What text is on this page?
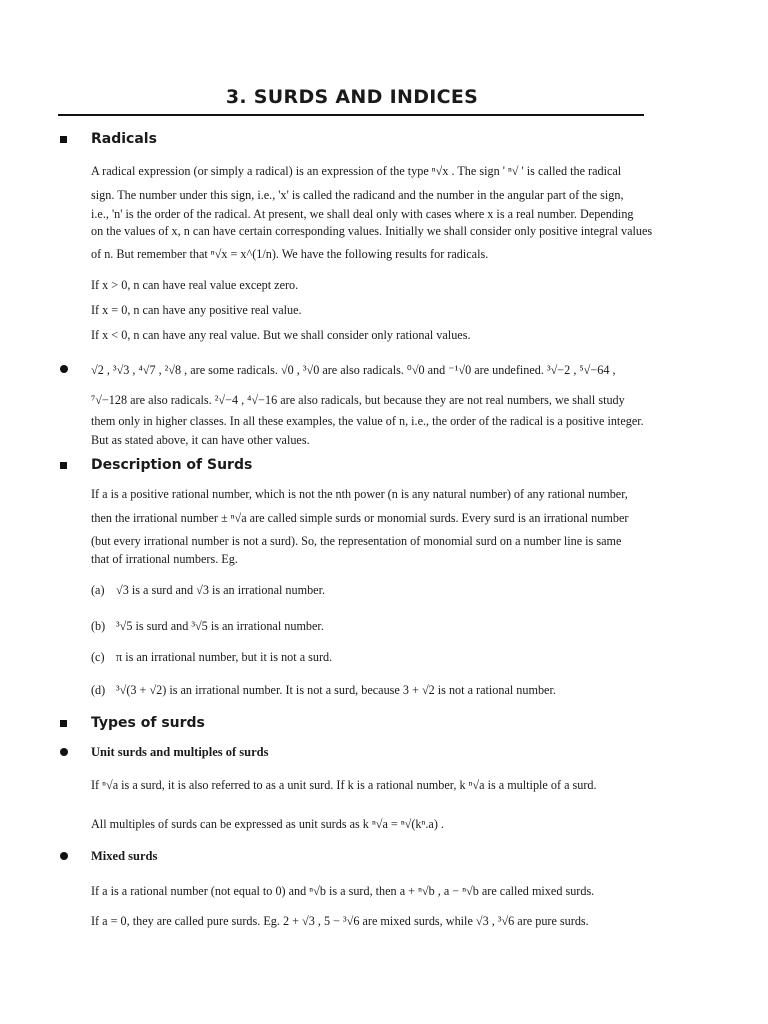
3. SURDS AND INDICES
Radicals
A radical expression (or simply a radical) is an expression of the type ⁿ√x . The sign ' ⁿ√ ' is called the radical
sign. The number under this sign, i.e., 'x' is called the radicand and the number in the angular part of the sign,
i.e., 'n' is the order of the radical. At present, we shall deal only with cases where x is a real number. Depending
on the values of x, n can have certain corresponding values. Initially we shall consider only positive integral values
of n. But remember that ⁿ√x = x^(1/n). We have the following results for radicals.
If x > 0, n can have real value except zero.
If x = 0, n can have any positive real value.
If x < 0, n can have any real value. But we shall consider only rational values.
√2 , ³√3 , ⁴√7 , ²√8 , are some radicals. √0 , ³√0 are also radicals. ⁰√0 and ⁻¹√0 are undefined. ³√−2 , ⁵√−64 ,
⁷√−128 are also radicals. ²√−4 , ⁴√−16 are also radicals, but because they are not real numbers, we shall study
them only in higher classes. In all these examples, the value of n, i.e., the order of the radical is a positive integer.
But as stated above, it can have other values.
Description of Surds
If a is a positive rational number, which is not the nth power (n is any natural number) of any rational number,
then the irrational number ± ⁿ√a are called simple surds or monomial surds. Every surd is an irrational number
(but every irrational number is not a surd). So, the representation of monomial surd on a number line is same
that of irrational numbers. Eg.
(a) √3 is a surd and √3 is an irrational number.
(b) ³√5 is surd and ³√5 is an irrational number.
(c) π is an irrational number, but it is not a surd.
(d) ³√(3 + √2) is an irrational number. It is not a surd, because 3 + √2 is not a rational number.
Types of surds
Unit surds and multiples of surds
If ⁿ√a is a surd, it is also referred to as a unit surd. If k is a rational number, k ⁿ√a is a multiple of a surd.
All multiples of surds can be expressed as unit surds as k ⁿ√a = ⁿ√(kⁿ.a) .
Mixed surds
If a is a rational number (not equal to 0) and ⁿ√b is a surd, then a + ⁿ√b , a − ⁿ√b are called mixed surds.
If a = 0, they are called pure surds. Eg. 2 + √3 , 5 − ³√6 are mixed surds, while √3 , ³√6 are pure surds.
